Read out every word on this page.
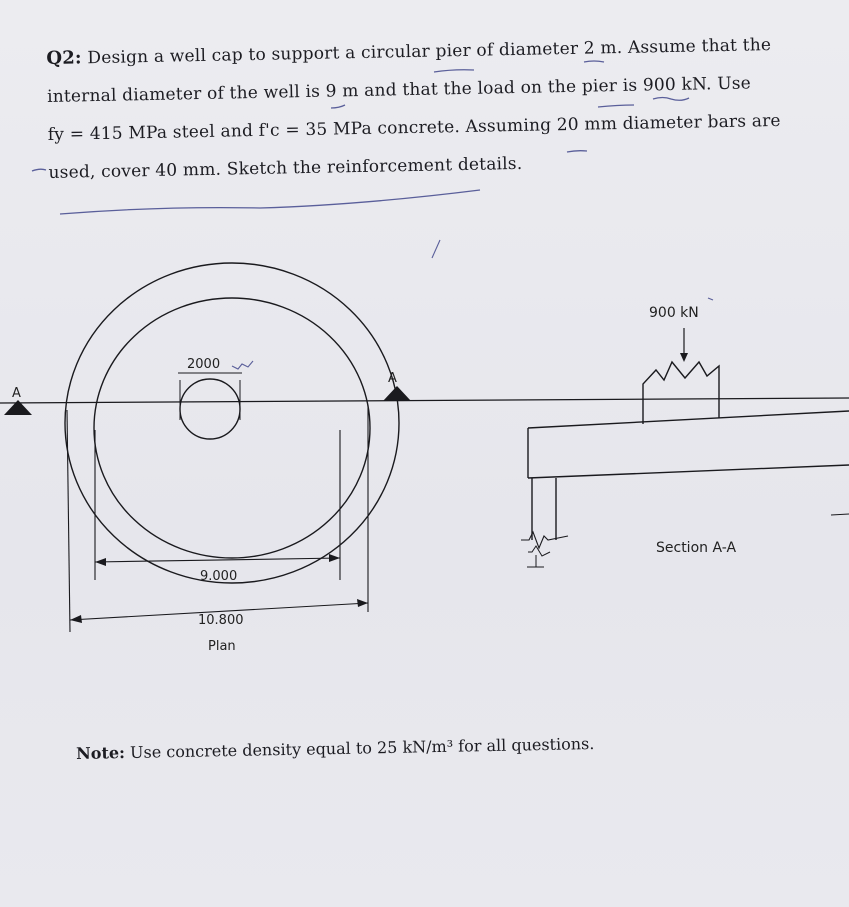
Q2: Design a well cap to support a circular pier of diameter 2 m. Assume that the

internal diameter of the well is 9 m and that the load on the pier is 900 kN. Use

fy = 415 MPa steel and f'c = 35 MPa concrete. Assuming 20 mm diameter bars are

used, cover 40 mm. Sketch the reinforcement details.

2000
A
A
9.000
10.800
Plan
900 kN
Section A-A
Note: Use concrete density equal to 25 kN/m³ for all questions.
